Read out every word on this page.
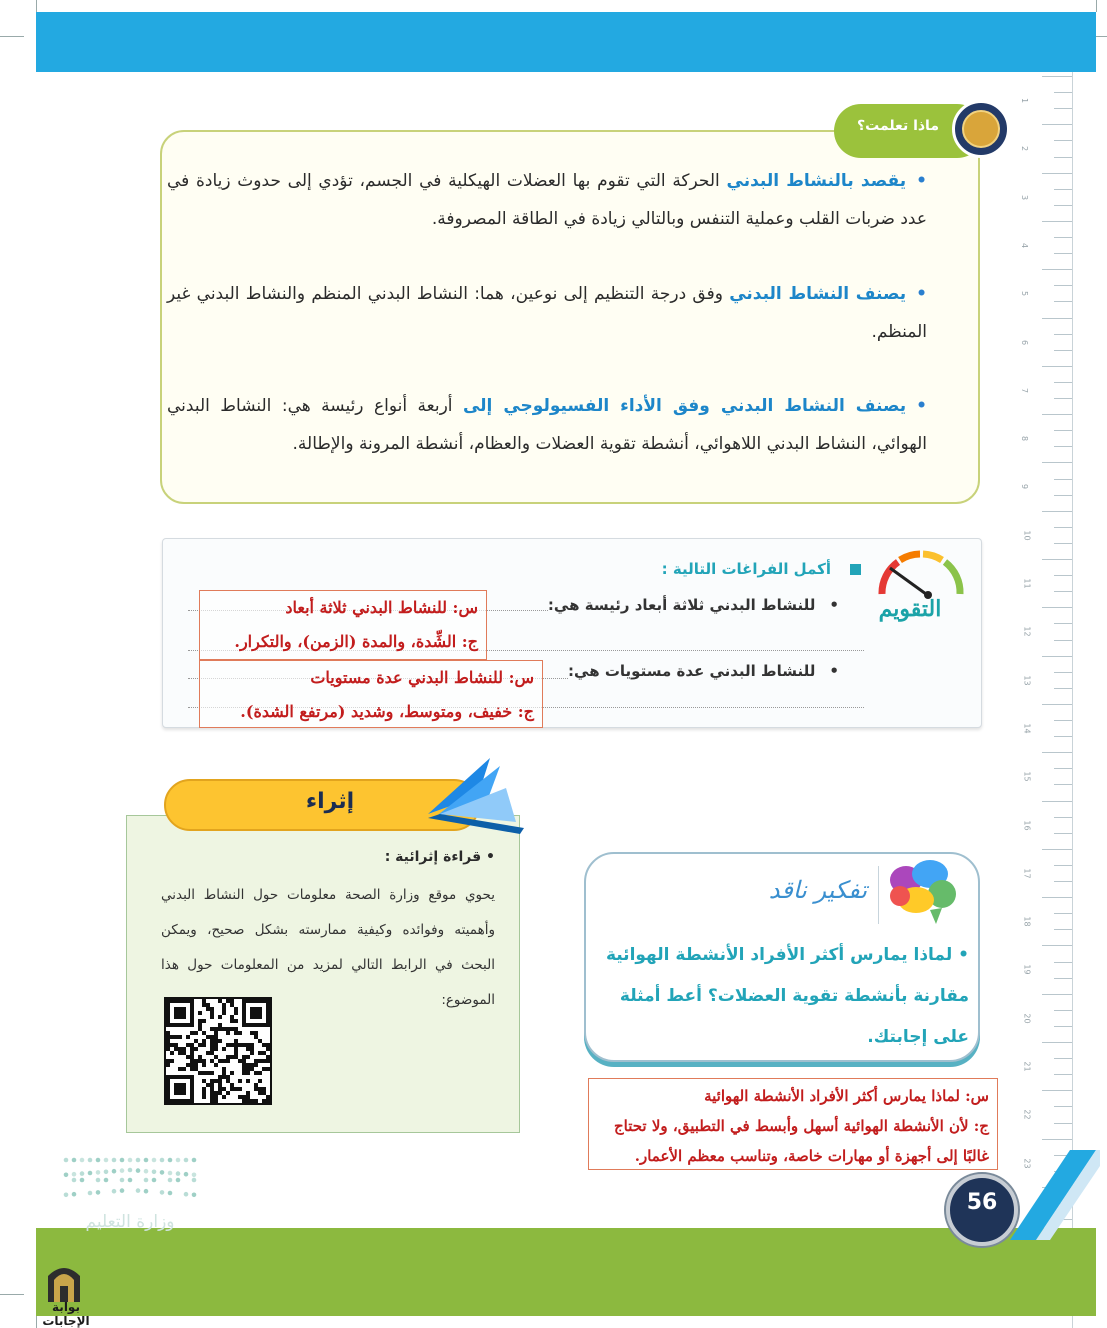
1
2
3
4
5
6
7
8
9
10
11
12
13
14
15
16
17
18
19
20
21
22
23
ماذا تعلمت؟
•يقصد بالنشاط البدني الحركة التي تقوم بها العضلات الهيكلية في الجسم، تؤدي إلى حدوث زيادة في عدد ضربات القلب وعملية التنفس وبالتالي زيادة في الطاقة المصروفة.
•يصنف النشاط البدني وفق درجة التنظيم إلى نوعين، هما: النشاط البدني المنظم والنشاط البدني غير المنظم.
•يصنف النشاط البدني وفق الأداء الفسيولوجي إلى أربعة أنواع رئيسة هي: النشاط البدني الهوائي، النشاط البدني اللاهوائي، أنشطة تقوية العضلات والعظام، أنشطة المرونة والإطالة.
التقويم
أكمل الفراغات التالية :
•للنشاط البدني ثلاثة أبعاد رئيسة هي:
س: للنشاط البدني ثلاثة أبعاد
ج: الشِّدة، والمدة (الزمن)، والتكرار.
•للنشاط البدني عدة مستويات هي:
س: للنشاط البدني عدة مستويات
ج: خفيف، ومتوسط، وشديد (مرتفع الشدة).
إثراء
• قراءة إثرائية :
يحوي موقع وزارة الصحة معلومات حول النشاط البدني وأهميته وفوائده وكيفية ممارسته بشكل صحيح، ويمكن البحث في الرابط التالي لمزيد من المعلومات حول هذا الموضوع:
تفكير ناقد
• لماذا يمارس أكثر الأفراد الأنشطة الهوائية مقارنة بأنشطة تقوية العضلات؟ أعط أمثلة على إجابتك.
س: لماذا يمارس أكثر الأفراد الأنشطة الهوائية
ج: لأن الأنشطة الهوائية أسهل وأبسط في التطبيق، ولا تحتاج غالبًا إلى أجهزة أو مهارات خاصة، وتناسب معظم الأعمار.
56
وزارة التعليم
بوابة الإجابات
